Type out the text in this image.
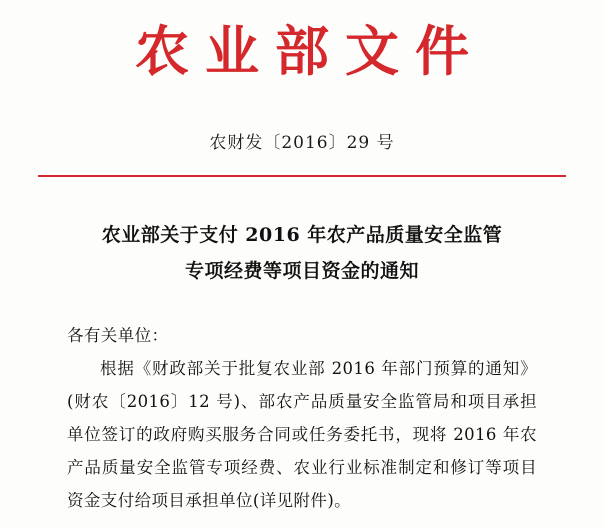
农业部文件
农财发〔2016〕29 号
农业部关于支付 2016 年农产品质量安全监管
专项经费等项目资金的通知
各有关单位：
根据《财政部关于批复农业部 2016 年部门预算的通知》(财农〔2016〕12 号)、部农产品质量安全监管局和项目承担单位签订的政府购买服务合同或任务委托书，现将 2016 年农产品质量安全监管专项经费、农业行业标准制定和修订等项目资金支付给项目承担单位(详见附件)。
